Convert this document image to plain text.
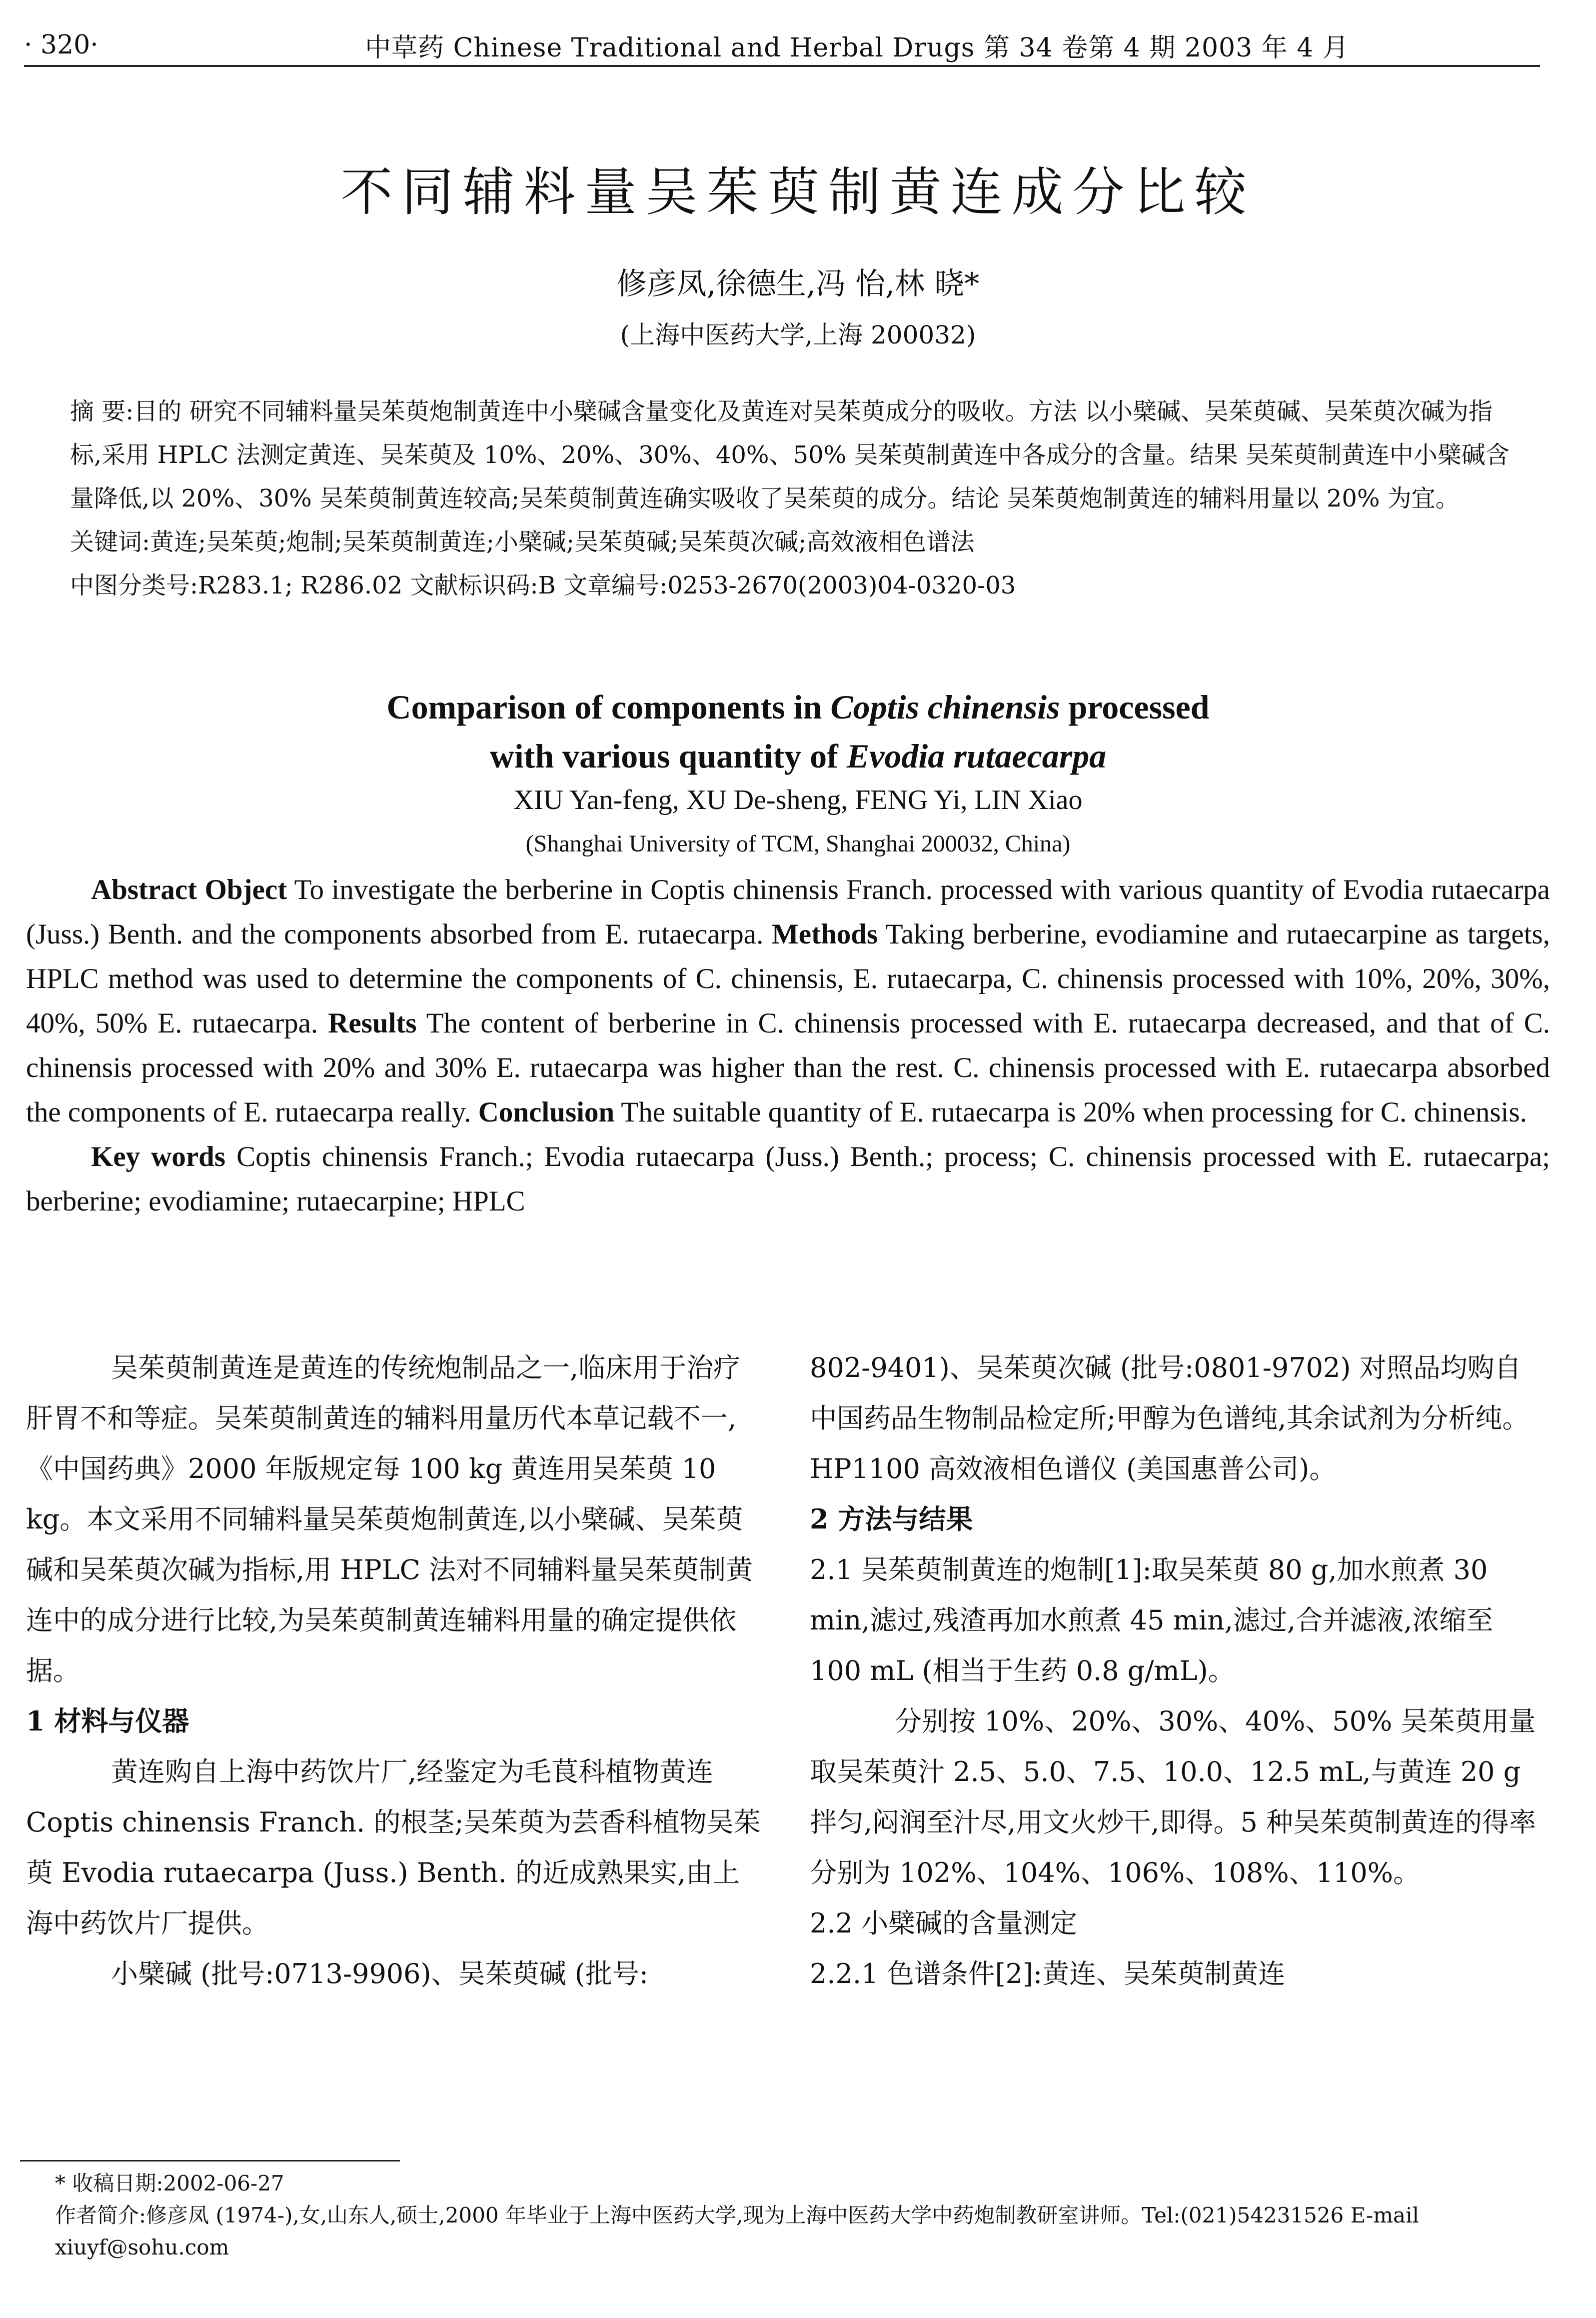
· 320·	中草药 Chinese Traditional and Herbal Drugs 第 34 卷第 4 期 2003 年 4 月
不同辅料量吴茱萸制黄连成分比较
修彦凤,徐德生,冯 怡,林 晓*
(上海中医药大学,上海 200032)

摘 要:目的 研究不同辅料量吴茱萸炮制黄连中小檗碱含量变化及黄连对吴茱萸成分的吸收。方法 以小檗碱、吴茱萸碱、吴茱萸次碱为指标,采用 HPLC 法测定黄连、吴茱萸及 10%、20%、30%、40%、50% 吴茱萸制黄连中各成分的含量。结果 吴茱萸制黄连中小檗碱含量降低,以 20%、30% 吴茱萸制黄连较高;吴茱萸制黄连确实吸收了吴茱萸的成分。结论 吴茱萸炮制黄连的辅料用量以 20% 为宜。

关键词:黄连;吴茱萸;炮制;吴茱萸制黄连;小檗碱;吴茱萸碱;吴茱萸次碱;高效液相色谱法

中图分类号:R283.1; R286.02 文献标识码:B 文章编号:0253-2670(2003)04-0320-03

Comparison of components in Coptis chinensis processed
with various quantity of Evodia rutaecarpa
XIU Yan-feng, XU De-sheng, FENG Yi, LIN Xiao
(Shanghai University of TCM, Shanghai 200032, China)

Abstract Object To investigate the berberine in Coptis chinensis Franch. processed with various quantity of Evodia rutaecarpa (Juss.) Benth. and the components absorbed from E. rutaecarpa. Methods Taking berberine, evodiamine and rutaecarpine as targets, HPLC method was used to determine the components of C. chinensis, E. rutaecarpa, C. chinensis processed with 10%, 20%, 30%, 40%, 50% E. rutaecarpa. Results The content of berberine in C. chinensis processed with E. rutaecarpa decreased, and that of C. chinensis processed with 20% and 30% E. rutaecarpa was higher than the rest. C. chinensis processed with E. rutaecarpa absorbed the components of E. rutaecarpa really. Conclusion The suitable quantity of E. rutaecarpa is 20% when processing for C. chinensis.

Key words Coptis chinensis Franch.; Evodia rutaecarpa (Juss.) Benth.; process; C. chinensis processed with E. rutaecarpa; berberine; evodiamine; rutaecarpine; HPLC

吴茱萸制黄连是黄连的传统炮制品之一,临床用于治疗肝胃不和等症。吴茱萸制黄连的辅料用量历代本草记载不一,《中国药典》2000 年版规定每 100 kg 黄连用吴茱萸 10 kg。本文采用不同辅料量吴茱萸炮制黄连,以小檗碱、吴茱萸碱和吴茱萸次碱为指标,用 HPLC 法对不同辅料量吴茱萸制黄连中的成分进行比较,为吴茱萸制黄连辅料用量的确定提供依据。

1 材料与仪器

黄连购自上海中药饮片厂,经鉴定为毛茛科植物黄连 Coptis chinensis Franch. 的根茎;吴茱萸为芸香科植物吴茱萸 Evodia rutaecarpa (Juss.) Benth. 的近成熟果实,由上海中药饮片厂提供。

小檗碱 (批号:0713-9906)、吴茱萸碱 (批号:

802-9401)、吴茱萸次碱 (批号:0801-9702) 对照品均购自中国药品生物制品检定所;甲醇为色谱纯,其余试剂为分析纯。HP1100 高效液相色谱仪 (美国惠普公司)。

2 方法与结果

2.1 吴茱萸制黄连的炮制[1]:取吴茱萸 80 g,加水煎煮 30 min,滤过,残渣再加水煎煮 45 min,滤过,合并滤液,浓缩至 100 mL (相当于生药 0.8 g/mL)。

分别按 10%、20%、30%、40%、50% 吴茱萸用量取吴茱萸汁 2.5、5.0、7.5、10.0、12.5 mL,与黄连 20 g 拌匀,闷润至汁尽,用文火炒干,即得。5 种吴茱萸制黄连的得率分别为 102%、104%、106%、108%、110%。

2.2 小檗碱的含量测定

2.2.1 色谱条件[2]:黄连、吴茱萸制黄连

* 收稿日期:2002-06-27

作者简介:修彦凤 (1974-),女,山东人,硕士,2000 年毕业于上海中医药大学,现为上海中医药大学中药炮制教研室讲师。Tel:(021)54231526 E-mail xiuyf@sohu.com
